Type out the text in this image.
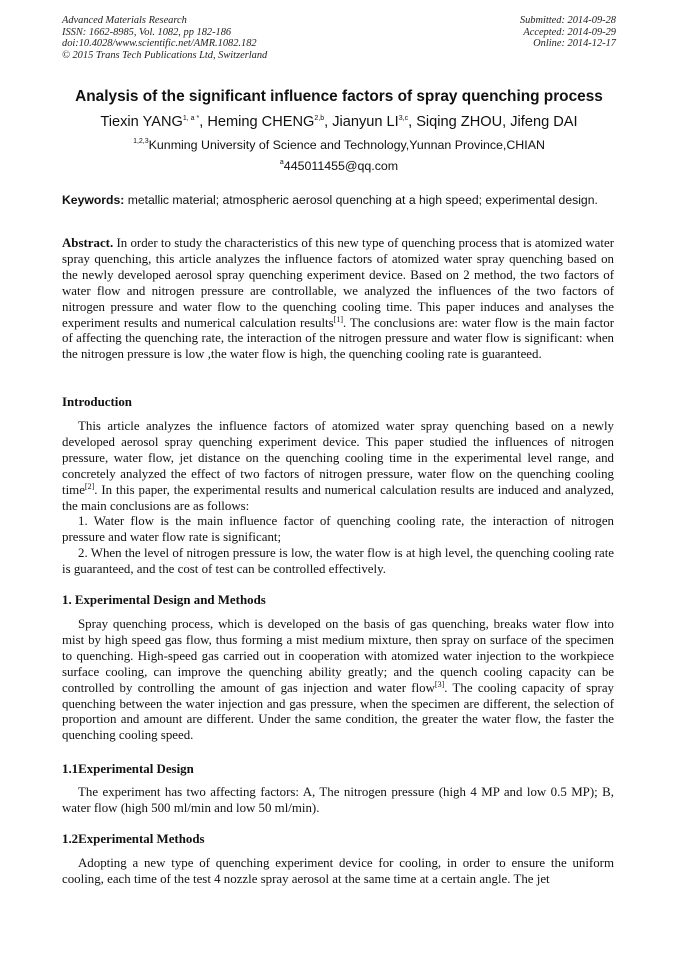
Advanced Materials Research
ISSN: 1662-8985, Vol. 1082, pp 182-186
doi:10.4028/www.scientific.net/AMR.1082.182
© 2015 Trans Tech Publications Ltd, Switzerland
Submitted: 2014-09-28
Accepted: 2014-09-29
Online: 2014-12-17
Analysis of the significant influence factors of spray quenching process
Tiexin $YANG^{1, a *}$, Heming CHENG$^{2,b}$, Jianyun LI$^{3,c}$, Siqing ZHOU, Jifeng DAI
$^{1,2,3}$Kunming University of Science and Technology,Yunnan Province,CHIAN
$^a$445011455@qq.com
Keywords: metallic material; atmospheric aerosol quenching at a high speed; experimental design.

Abstract. In order to study the characteristics of this new type of quenching process that is atomized water spray quenching, this article analyzes the influence factors of atomized water spray quenching based on the newly developed aerosol spray quenching experiment device. Based on 2 method, the two factors of water flow and nitrogen pressure are controllable, we analyzed the influences of the two factors of nitrogen pressure and water flow to the quenching cooling time. This paper induces and analyses the experiment results and numerical calculation results[1]. The conclusions are: water flow is the main factor of affecting the quenching rate, the interaction of the nitrogen pressure and water flow is significant: when the nitrogen pressure is low ,the water flow is high, the quenching cooling rate is guaranteed.

Introduction

This article analyzes the influence factors of atomized water spray quenching based on a newly developed aerosol spray quenching experiment device. This paper studied the influences of nitrogen pressure, water flow, jet distance on the quenching cooling time in the experimental level range, and concretely analyzed the effect of two factors of nitrogen pressure, water flow on the quenching cooling time[2]. In this paper, the experimental results and numerical calculation results are induced and analyzed, the main conclusions are as follows:

1. Water flow is the main influence factor of quenching cooling rate, the interaction of nitrogen pressure and water flow rate is significant;

2. When the level of nitrogen pressure is low, the water flow is at high level, the quenching cooling rate is guaranteed, and the cost of test can be controlled effectively.

1. Experimental Design and Methods

Spray quenching process, which is developed on the basis of gas quenching, breaks water flow into mist by high speed gas flow, thus forming a mist medium mixture, then spray on surface of the specimen to quenching. High-speed gas carried out in cooperation with atomized water injection to the workpiece surface cooling, can improve the quenching ability greatly; and the quench cooling capacity can be controlled by controlling the amount of gas injection and water flow[3]. The cooling capacity of spray quenching between the water injection and gas pressure, when the specimen are different, the selection of proportion and amount are different. Under the same condition, the greater the water flow, the faster the quenching cooling speed.

1.1Experimental Design

The experiment has two affecting factors: A, The nitrogen pressure (high 4 MP and low 0.5 MP); B, water flow (high 500 ml/min and low 50 ml/min).

1.2Experimental Methods

Adopting a new type of quenching experiment device for cooling, in order to ensure the uniform cooling, each time of the test 4 nozzle spray aerosol at the same time at a certain angle. The jet
